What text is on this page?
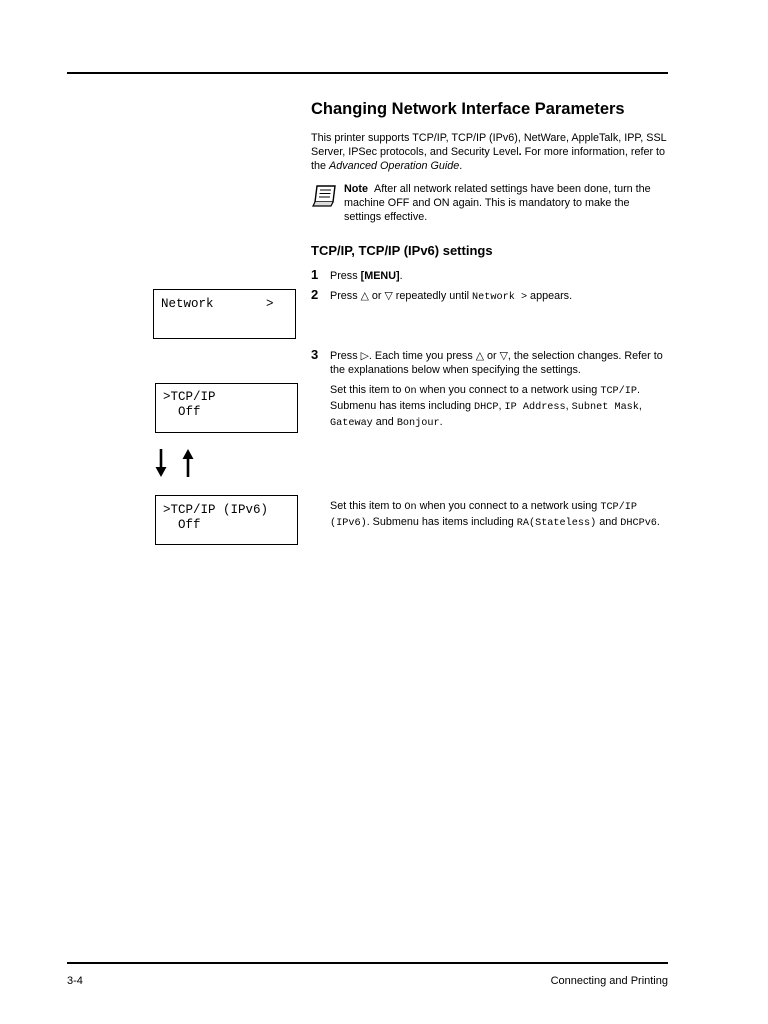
Changing Network Interface Parameters
This printer supports TCP/IP, TCP/IP (IPv6), NetWare, AppleTalk, IPP, SSL Server, IPSec protocols, and Security Level. For more information, refer to the Advanced Operation Guide.
Note After all network related settings have been done, turn the machine OFF and ON again. This is mandatory to make the settings effective.
TCP/IP, TCP/IP (IPv6) settings
1 Press [MENU].
2 Press △ or ▽ repeatedly until Network > appears.
Network       >
3 Press ▷. Each time you press △ or ▽, the selection changes. Refer to the explanations below when specifying the settings.
>TCP/IP
Off
Set this item to On when you connect to a network using TCP/IP. Submenu has items including DHCP, IP Address, Subnet Mask, Gateway and Bonjour.
>TCP/IP (IPv6)
Off
Set this item to On when you connect to a network using TCP/IP (IPv6). Submenu has items including RA(Stateless) and DHCPv6.
3-4	Connecting and Printing
